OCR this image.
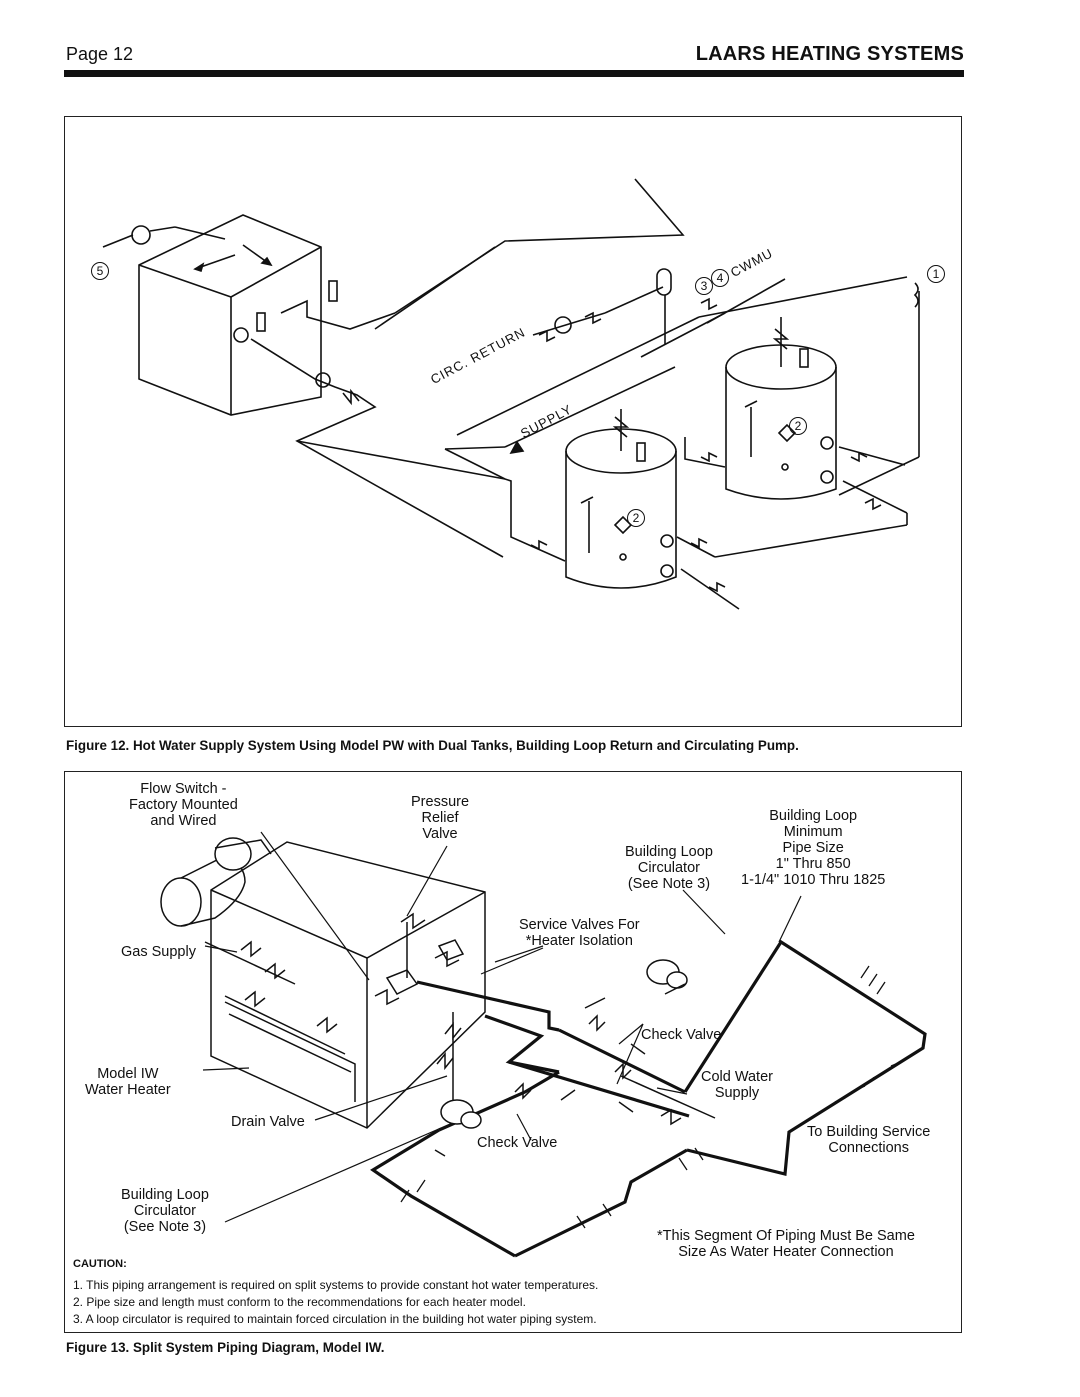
Page 12	LAARS HEATING SYSTEMS
5
3
4	1
2
2
CIRC. RETURN
SUPPLY
CWMU
Figure 12. Hot Water Supply System Using Model PW with Dual Tanks, Building Loop Return and Circulating Pump.
Flow Switch -
Factory Mounted
and Wired
Pressure
Relief
Valve
Building Loop
Minimum
Pipe Size
1" Thru 850
1-1/4" 1010 Thru 1825
Building Loop
Circulator
(See Note 3)
Service Valves For
*Heater Isolation
Gas Supply
Check Valve
Model IW
Water Heater
Cold Water
Supply
Drain Valve
To Building Service
Connections
Check Valve
Building Loop
Circulator
(See Note 3)
*This Segment Of Piping Must Be Same
Size As Water Heater Connection
CAUTION:
1. This piping arrangement is required on split systems to provide constant hot water temperatures.
2. Pipe size and length must conform to the recommendations for each heater model.
3. A loop circulator is required to maintain forced circulation in the building hot water piping system.
Figure 13. Split System Piping Diagram, Model IW.
